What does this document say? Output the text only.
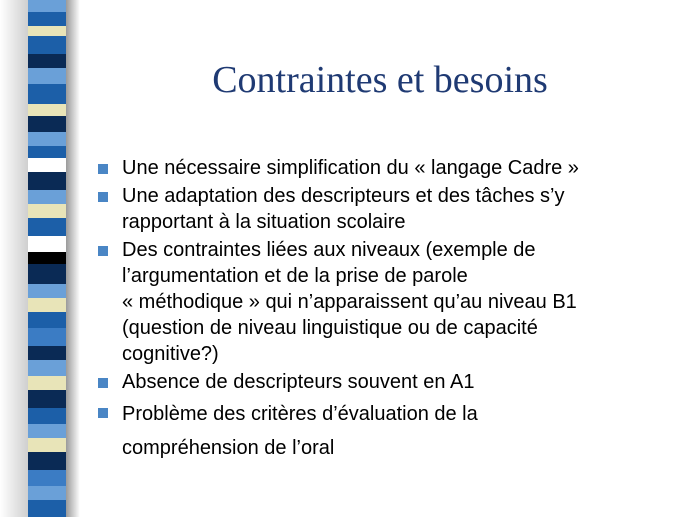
Contraintes et besoins
Une nécessaire simplification du « langage Cadre »
Une adaptation des descripteurs et des tâches s’y
rapportant à la situation scolaire
Des contraintes liées aux niveaux (exemple de
l’argumentation et de la prise de parole
« méthodique » qui n’apparaissent qu’au niveau B1
(question de niveau linguistique ou de capacité
cognitive?)
Absence de descripteurs souvent en A1
Problème des critères d’évaluation de la
compréhension de l’oral
